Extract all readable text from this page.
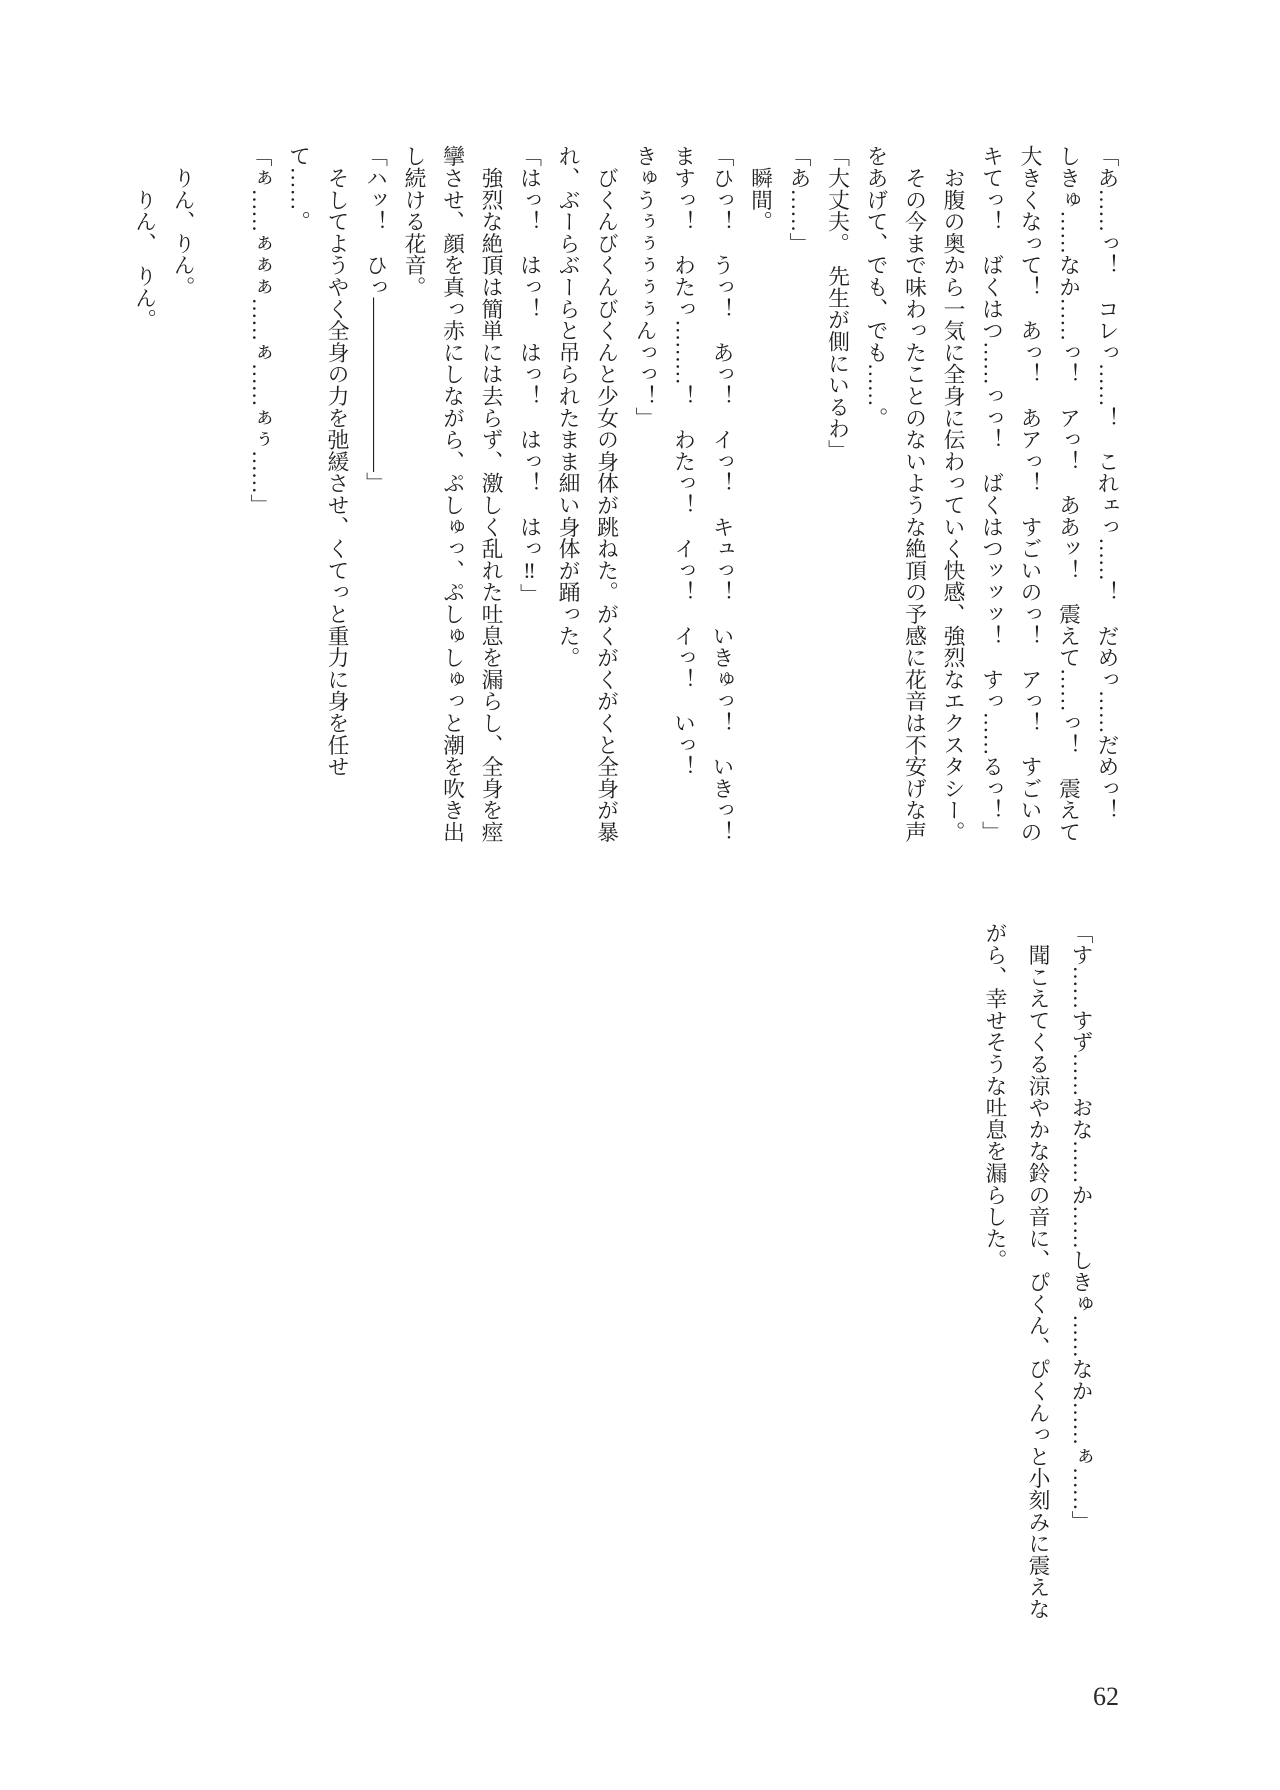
「あ……っ！　コレっ……！　これェっ……！　だめっ……だめっ！

しきゅ……なか……っ！　アっ！　ああッ！　震えて……っ！　震えて

大きくなって！　あっ！　あアっ！　すごいのっ！　アっ！　すごいの

キてっ！　ばくはつ……っっ！　ばくはつッッッ！　すっ……るっ！」

　お腹の奥から一気に全身に伝わっていく快感、強烈なエクスタシー。

　その今まで味わったことのないような絶頂の予感に花音は不安げな声

をあげて、でも、でも……。

「大丈夫。　先生が側にいるわ」

「あ……」

　瞬間。

「ひっ！　うっ！　あっ！　イっ！　キュっ！　いきゅっ！　いきっ！

ますっ！　わたっ………！　わたっ！　イっ！　イっ！　いっ！

きゅうぅぅぅぅぅんっっ！」

　びくんびくんびくんと少女の身体が跳ねた。がくがくがくと全身が暴

れ、ぶーらぶーらと吊られたまま細い身体が踊った。

「はっ！　はっ！　はっ！　はっ！　はっ‼」

　強烈な絶頂は簡単には去らず、激しく乱れた吐息を漏らし、全身を痙

攣させ、顔を真っ赤にしながら、ぷしゅっ、ぷしゅしゅっと潮を吹き出

し続ける花音。

「ハッ！　ひっ――――――――」

　そしてようやく全身の力を弛緩させ、くてっと重力に身を任せて……。

「ぁ……ぁぁぁ……ぁ……ぁぅ……」

　りん、りん。

　　りん、　りん。

「す……すず……おな……か……しきゅ……なか……ぁ……」

　聞こえてくる涼やかな鈴の音に、ぴくん、ぴくんっと小刻みに震えな

がら、幸せそうな吐息を漏らした。

62
